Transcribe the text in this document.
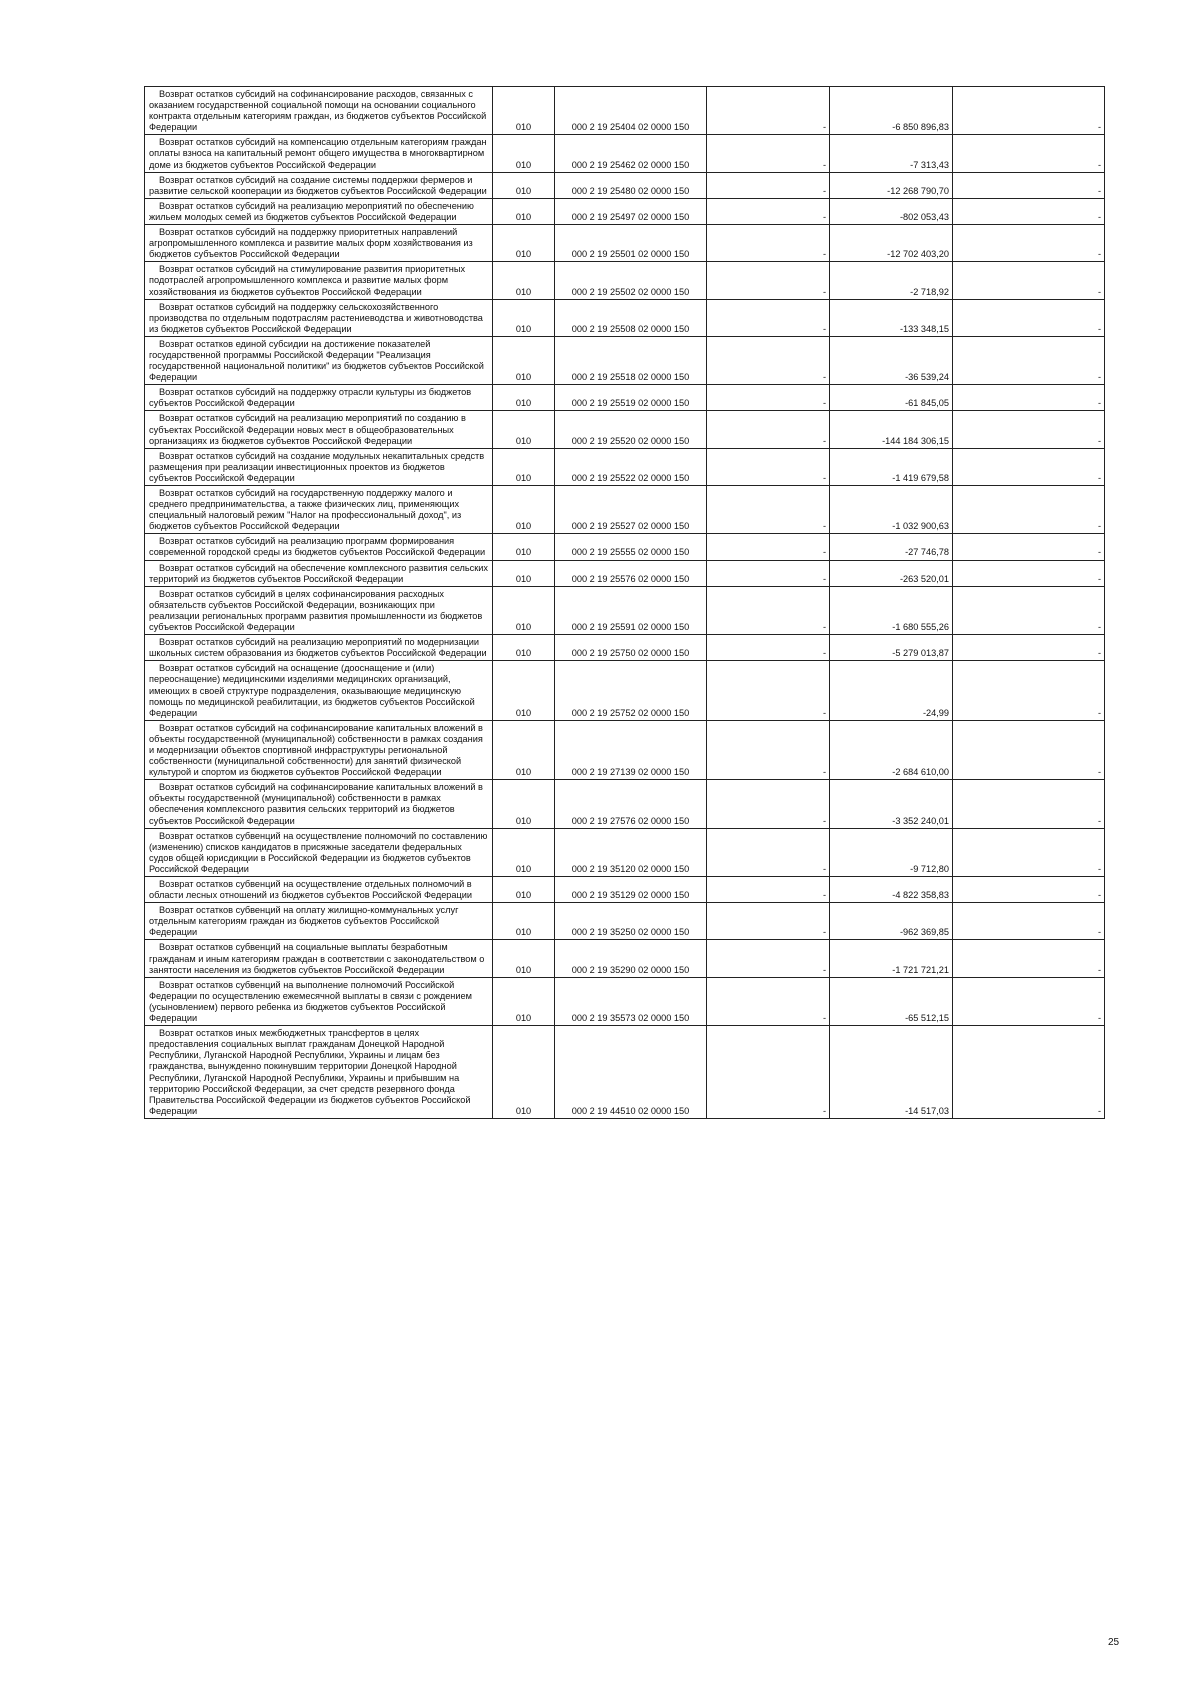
Возврат остатков субсидий на софинансирование расходов, связанных с оказанием государственной социальной помощи на основании социального контракта отдельным категориям граждан, из бюджетов субъектов Российской Федерации	010	000 2 19 25404 02 0000 150	-	-6 850 896,83	-

Возврат остатков субсидий на компенсацию отдельным категориям граждан оплаты взноса на капитальный ремонт общего имущества в многоквартирном доме из бюджетов субъектов Российской Федерации	010	000 2 19 25462 02 0000 150	-	-7 313,43	-

Возврат остатков субсидий на создание системы поддержки фермеров и развитие сельской кооперации из бюджетов субъектов Российской Федерации	010	000 2 19 25480 02 0000 150	-	-12 268 790,70	-

Возврат остатков субсидий на реализацию мероприятий по обеспечению жильем молодых семей из бюджетов субъектов Российской Федерации	010	000 2 19 25497 02 0000 150	-	-802 053,43	-

Возврат остатков субсидий на поддержку приоритетных направлений агропромышленного комплекса и развитие малых форм хозяйствования из бюджетов субъектов Российской Федерации	010	000 2 19 25501 02 0000 150	-	-12 702 403,20	-

Возврат остатков субсидий на стимулирование развития приоритетных подотраслей агропромышленного комплекса и развитие малых форм хозяйствования из бюджетов субъектов Российской Федерации	010	000 2 19 25502 02 0000 150	-	-2 718,92	-

Возврат остатков субсидий на поддержку сельскохозяйственного производства по отдельным подотраслям растениеводства и животноводства из бюджетов субъектов Российской Федерации	010	000 2 19 25508 02 0000 150	-	-133 348,15	-

Возврат остатков единой субсидии на достижение показателей государственной программы Российской Федерации "Реализация государственной национальной политики" из бюджетов субъектов Российской Федерации	010	000 2 19 25518 02 0000 150	-	-36 539,24	-

Возврат остатков субсидий на поддержку отрасли культуры из бюджетов субъектов Российской Федерации	010	000 2 19 25519 02 0000 150	-	-61 845,05	-

Возврат остатков субсидий на реализацию мероприятий по созданию в субъектах Российской Федерации новых мест в общеобразовательных организациях из бюджетов субъектов Российской Федерации	010	000 2 19 25520 02 0000 150	-	-144 184 306,15	-

Возврат остатков субсидий на создание модульных некапитальных средств размещения при реализации инвестиционных проектов из бюджетов субъектов Российской Федерации	010	000 2 19 25522 02 0000 150	-	-1 419 679,58	-

Возврат остатков субсидий на государственную поддержку малого и среднего предпринимательства, а также физических лиц, применяющих специальный налоговый режим "Налог на профессиональный доход", из бюджетов субъектов Российской Федерации	010	000 2 19 25527 02 0000 150	-	-1 032 900,63	-

Возврат остатков субсидий на реализацию программ формирования современной городской среды из бюджетов субъектов Российской Федерации	010	000 2 19 25555 02 0000 150	-	-27 746,78	-

Возврат остатков субсидий на обеспечение комплексного развития сельских территорий из бюджетов субъектов Российской Федерации	010	000 2 19 25576 02 0000 150	-	-263 520,01	-

Возврат остатков субсидий в целях софинансирования расходных обязательств субъектов Российской Федерации, возникающих при реализации региональных программ развития промышленности из бюджетов субъектов Российской Федерации	010	000 2 19 25591 02 0000 150	-	-1 680 555,26	-

Возврат остатков субсидий на реализацию мероприятий по модернизации школьных систем образования из бюджетов субъектов Российской Федерации	010	000 2 19 25750 02 0000 150	-	-5 279 013,87	-

Возврат остатков субсидий на оснащение (дооснащение и (или) переоснащение) медицинскими изделиями медицинских организаций, имеющих в своей структуре подразделения, оказывающие медицинскую помощь по медицинской реабилитации, из бюджетов субъектов Российской Федерации	010	000 2 19 25752 02 0000 150	-	-24,99	-

Возврат остатков субсидий на софинансирование капитальных вложений в объекты государственной (муниципальной) собственности в рамках создания и модернизации объектов спортивной инфраструктуры региональной собственности (муниципальной собственности) для занятий физической культурой и спортом из бюджетов субъектов Российской Федерации	010	000 2 19 27139 02 0000 150	-	-2 684 610,00	-

Возврат остатков субсидий на софинансирование капитальных вложений в объекты государственной (муниципальной) собственности в рамках обеспечения комплексного развития сельских территорий из бюджетов субъектов Российской Федерации	010	000 2 19 27576 02 0000 150	-	-3 352 240,01	-

Возврат остатков субвенций на осуществление полномочий по составлению (изменению) списков кандидатов в присяжные заседатели федеральных судов общей юрисдикции в Российской Федерации из бюджетов субъектов Российской Федерации	010	000 2 19 35120 02 0000 150	-	-9 712,80	-

Возврат остатков субвенций на осуществление отдельных полномочий в области лесных отношений из бюджетов субъектов Российской Федерации	010	000 2 19 35129 02 0000 150	-	-4 822 358,83	-

Возврат остатков субвенций на оплату жилищно-коммунальных услуг отдельным категориям граждан из бюджетов субъектов Российской Федерации	010	000 2 19 35250 02 0000 150	-	-962 369,85	-

Возврат остатков субвенций на социальные выплаты безработным гражданам и иным категориям граждан в соответствии с законодательством о занятости населения из бюджетов субъектов Российской Федерации	010	000 2 19 35290 02 0000 150	-	-1 721 721,21	-

Возврат остатков субвенций на выполнение полномочий Российской Федерации по осуществлению ежемесячной выплаты в связи с рождением (усыновлением) первого ребенка из бюджетов субъектов Российской Федерации	010	000 2 19 35573 02 0000 150	-	-65 512,15	-

Возврат остатков иных межбюджетных трансфертов в целях предоставления социальных выплат гражданам Донецкой Народной Республики, Луганской Народной Республики, Украины и лицам без гражданства, вынужденно покинувшим территории Донецкой Народной Республики, Луганской Народной Республики, Украины и прибывшим на территорию Российской Федерации, за счет средств резервного фонда Правительства Российской Федерации из бюджетов субъектов Российской Федерации	010	000 2 19 44510 02 0000 150	-	-14 517,03	-
25
